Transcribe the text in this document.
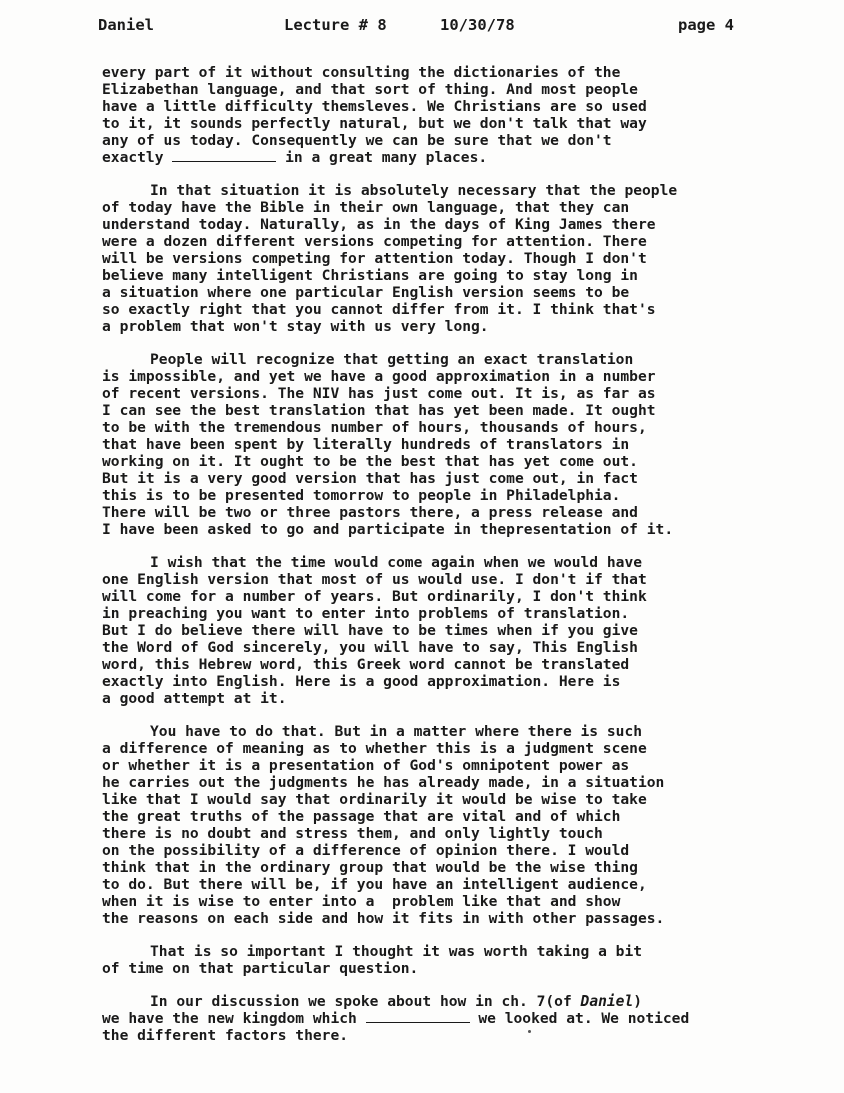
Daniel	Lecture # 8	10/30/78	page 4
every part of it without consulting the dictionaries of the
Elizabethan language, and that sort of thing. And most people
have a little difficulty themsleves. We Christians are so used
to it, it sounds perfectly natural, but we don't talk that way
any of us today. Consequently we can be sure that we don't
exactly	in a great many places.
In that situation it is absolutely necessary that the people
of today have the Bible in their own language, that they can
understand today. Naturally, as in the days of King James there
were a dozen different versions competing for attention. There
will be versions competing for attention today. Though I don't
believe many intelligent Christians are going to stay long in
a situation where one particular English version seems to be
so exactly right that you cannot differ from it. I think that's
a problem that won't stay with us very long.
People will recognize that getting an exact translation
is impossible, and yet we have a good approximation in a number
of recent versions. The NIV has just come out. It is, as far as
I can see the best translation that has yet been made. It ought
to be with the tremendous number of hours, thousands of hours,
that have been spent by literally hundreds of translators in
working on it. It ought to be the best that has yet come out.
But it is a very good version that has just come out, in fact
this is to be presented tomorrow to people in Philadelphia.
There will be two or three pastors there, a press release and
I have been asked to go and participate in thepresentation of it.
I wish that the time would come again when we would have
one English version that most of us would use. I don't if that
will come for a number of years. But ordinarily, I don't think
in preaching you want to enter into problems of translation.
But I do believe there will have to be times when if you give
the Word of God sincerely, you will have to say, This English
word, this Hebrew word, this Greek word cannot be translated
exactly into English. Here is a good approximation. Here is
a good attempt at it.
You have to do that. But in a matter where there is such
a difference of meaning as to whether this is a judgment scene
or whether it is a presentation of God's omnipotent power as
he carries out the judgments he has already made, in a situation
like that I would say that ordinarily it would be wise to take
the great truths of the passage that are vital and of which
there is no doubt and stress them, and only lightly touch
on the possibility of a difference of opinion there. I would
think that in the ordinary group that would be the wise thing
to do. But there will be, if you have an intelligent audience,
when it is wise to enter into a  problem like that and show
the reasons on each side and how it fits in with other passages.
That is so important I thought it was worth taking a bit
of time on that particular question.
In our discussion we spoke about how in ch. 7(of Daniel)
we have the new kingdom which	we looked at. We noticed
the different factors there.
